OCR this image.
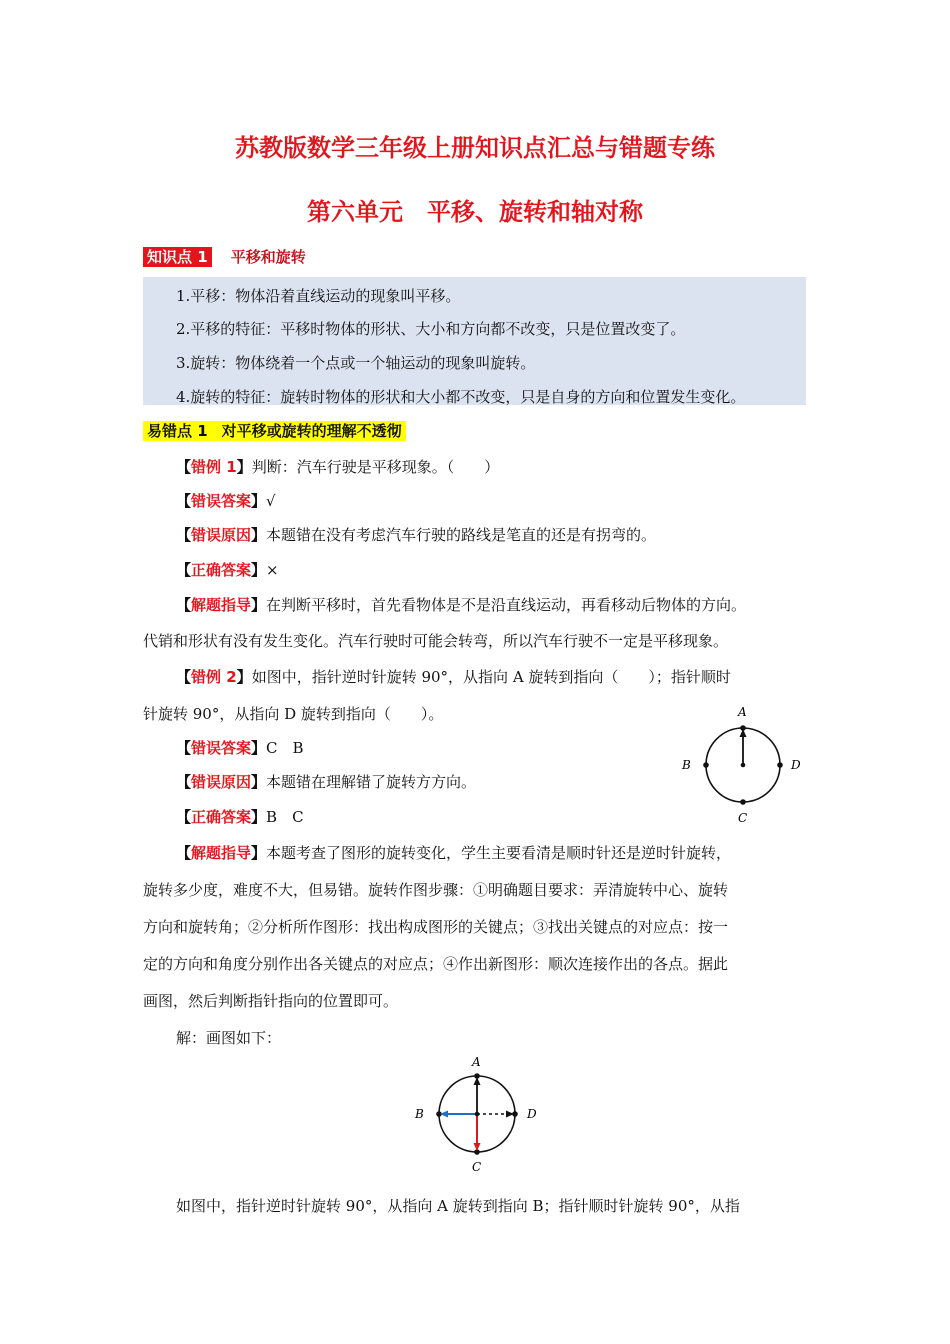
苏教版数学三年级上册知识点汇总与错题专练
第六单元　平移、旋转和轴对称
知识点 1 平移和旋转
1.平移：物体沿着直线运动的现象叫平移。
2.平移的特征：平移时物体的形状、大小和方向都不改变，只是位置改变了。
3.旋转：物体绕着一个点或一个轴运动的现象叫旋转。
4.旋转的特征：旋转时物体的形状和大小都不改变，只是自身的方向和位置发生变化。
易错点 1 对平移或旋转的理解不透彻
【错例 1】判断：汽车行驶是平移现象。（　　）
【错误答案】√
【错误原因】本题错在没有考虑汽车行驶的路线是笔直的还是有拐弯的。
【正确答案】×
【解题指导】在判断平移时，首先看物体是不是沿直线运动，再看移动后物体的方向。
代销和形状有没有发生变化。汽车行驶时可能会转弯，所以汽车行驶不一定是平移现象。
【错例 2】如图中，指针逆时针旋转 90°，从指向 A 旋转到指向（　　）；指针顺时
针旋转 90°，从指向 D 旋转到指向（　　）。
【错误答案】C　B
【错误原因】本题错在理解错了旋转方方向。
【正确答案】B　C
A
B	D
C
【解题指导】本题考查了图形的旋转变化，学生主要看清是顺时针还是逆时针旋转，
旋转多少度，难度不大，但易错。旋转作图步骤：①明确题目要求：弄清旋转中心、旋转
方向和旋转角；②分析所作图形：找出构成图形的关键点；③找出关键点的对应点：按一
定的方向和角度分别作出各关键点的对应点；④作出新图形：顺次连接作出的各点。据此
画图，然后判断指针指向的位置即可。
解：画图如下：
A
B	D
C
如图中，指针逆时针旋转 90°，从指向 A 旋转到指向 B；指针顺时针旋转 90°，从指
